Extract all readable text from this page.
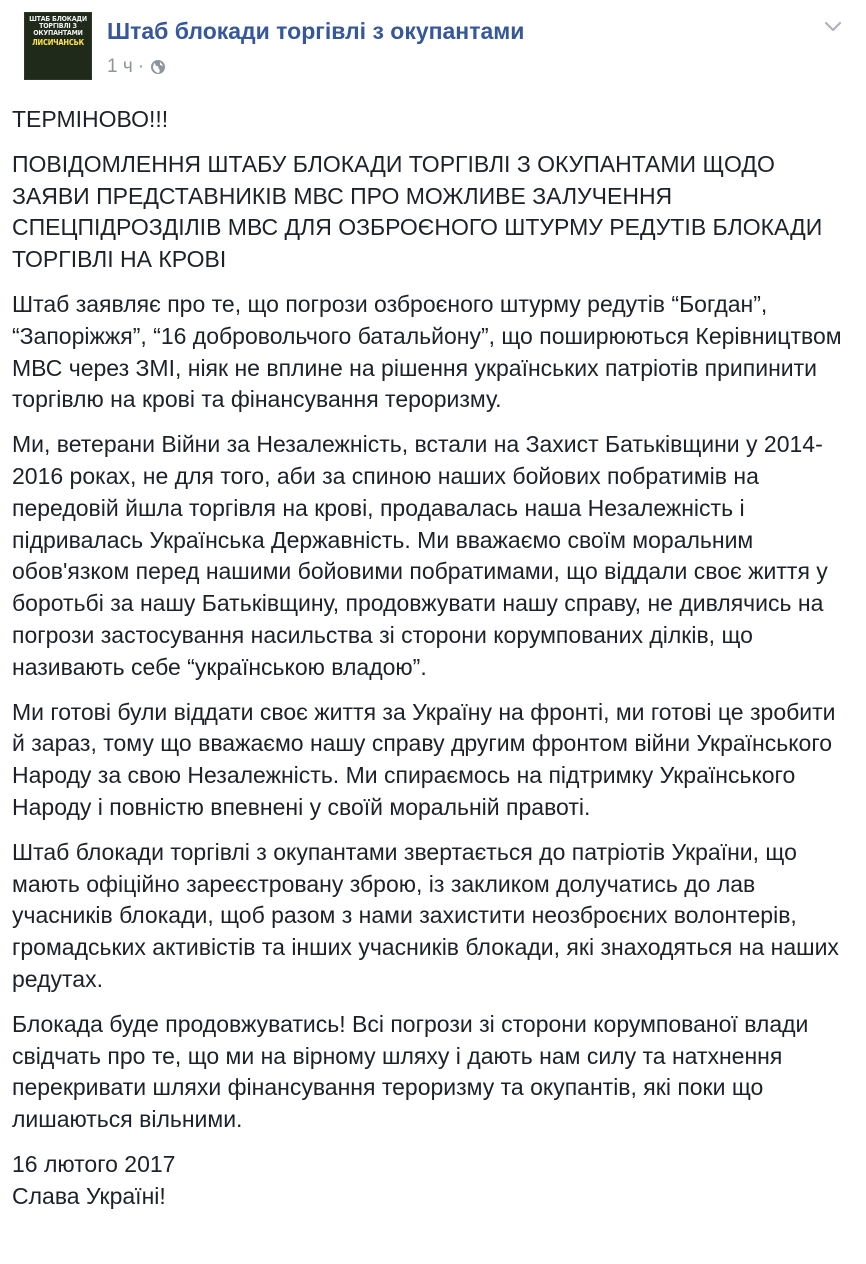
ШТАБ БЛОКАДИ
ТОРГІВЛІ З
ОКУПАНТАМИ
ЛИСИЧАНСЬК Штаб блокади торгівлі з окупантами
1 ч ·

ТЕРМІНОВО!!!

ПОВІДОМЛЕННЯ ШТАБУ БЛОКАДИ ТОРГІВЛІ З ОКУПАНТАМИ ЩОДО ЗАЯВИ ПРЕДСТАВНИКІВ МВС ПРО МОЖЛИВЕ ЗАЛУЧЕННЯ СПЕЦПІДРОЗДІЛІВ МВС ДЛЯ ОЗБРОЄНОГО ШТУРМУ РЕДУТІВ БЛОКАДИ ТОРГІВЛІ НА КРОВІ

Штаб заявляє про те, що погрози озброєного штурму редутів “Богдан”, “Запоріжжя”, “16 добровольчого батальйону”, що поширюються Керівництвом МВС через ЗМІ, ніяк не вплине на рішення українських патріотів припинити торгівлю на крові та фінансування тероризму.

Ми, ветерани Війни за Незалежність, встали на Захист Батьківщини у 2014-2016 роках, не для того, аби за спиною наших бойових побратимів на передовій йшла торгівля на крові, продавалась наша Незалежність і підривалась Українська Державність. Ми вважаємо своїм моральним обов'язком перед нашими бойовими побратимами, що віддали своє життя у боротьбі за нашу Батьківщину, продовжувати нашу справу, не дивлячись на погрози застосування насильства зі сторони корумпованих ділків, що називають себе “українською владою”.

Ми готові були віддати своє життя за Україну на фронті, ми готові це зробити й зараз, тому що вважаємо нашу справу другим фронтом війни Українського Народу за свою Незалежність. Ми спираємось на підтримку Українського Народу і повністю впевнені у своїй моральній правоті.

Штаб блокади торгівлі з окупантами звертається до патріотів України, що мають офіційно зареєстровану зброю, із закликом долучатись до лав учасників блокади, щоб разом з нами захистити неозброєних волонтерів, громадських активістів та інших учасників блокади, які знаходяться на наших редутах.

Блокада буде продовжуватись! Всі погрози зі сторони корумпованої влади свідчать про те, що ми на вірному шляху і дають нам силу та натхнення перекривати шляхи фінансування тероризму та окупантів, які поки що лишаються вільними.

16 лютого 2017

Слава Україні!
